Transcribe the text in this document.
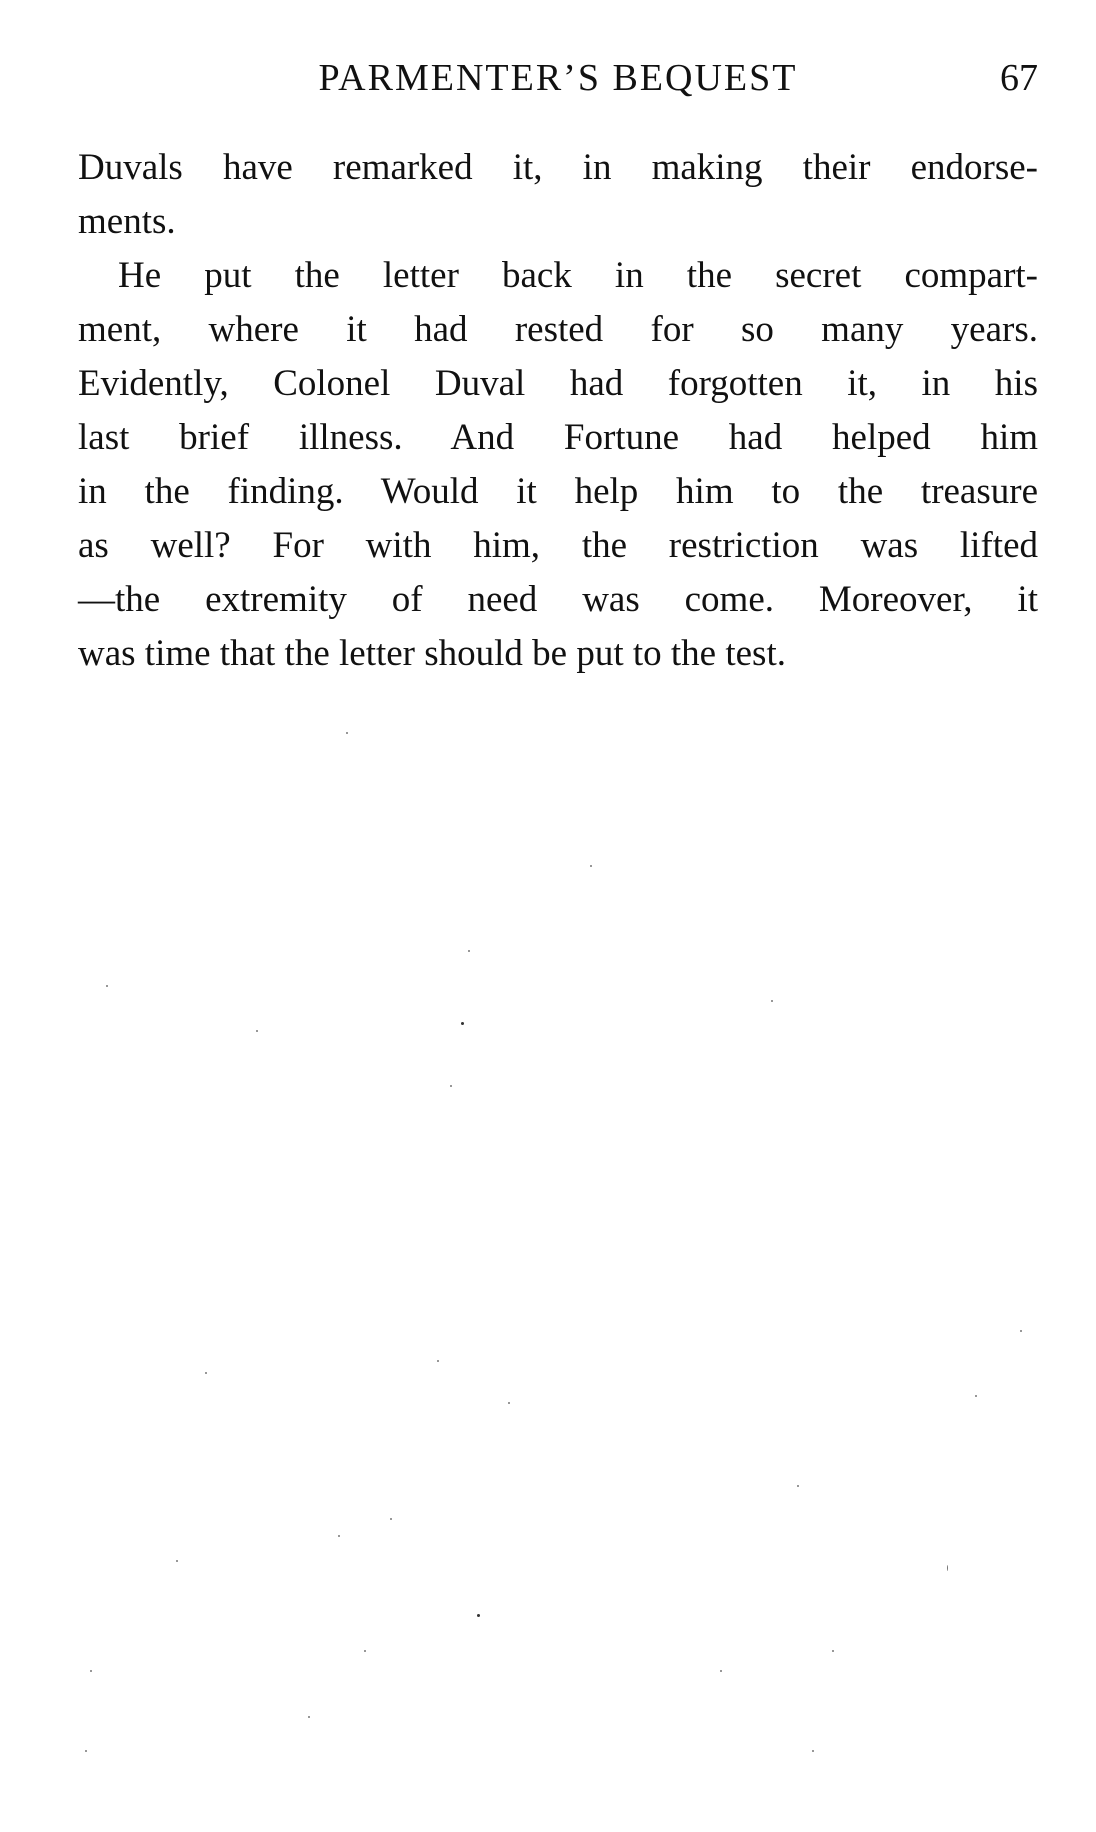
PARMENTER’S BEQUEST	67
Duvals have remarked it, in making their endorse-
ments.
He put the letter back in the secret compart-
ment, where it had rested for so many years.
Evidently, Colonel Duval had forgotten it, in his
last brief illness. And Fortune had helped him
in the finding. Would it help him to the treasure
as well? For with him, the restriction was lifted
—the extremity of need was come. Moreover, it
was time that the letter should be put to the test.
